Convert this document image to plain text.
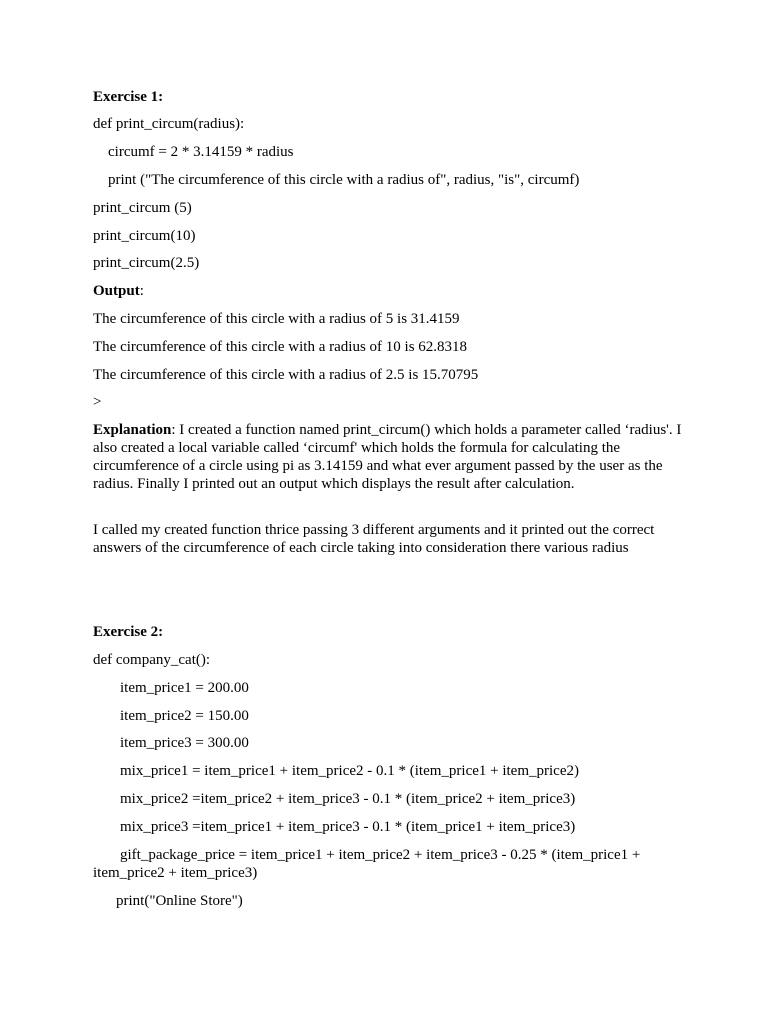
Exercise 1:
def print_circum(radius):
circumf = 2 * 3.14159 * radius
print ("The circumference of this circle with a radius of", radius, "is", circumf)
print_circum (5)
print_circum(10)
print_circum(2.5)
Output:
The circumference of this circle with a radius of 5 is 31.4159
The circumference of this circle with a radius of 10 is 62.8318
The circumference of this circle with a radius of 2.5 is 15.70795
>
Explanation: I created a function named print_circum() which holds a parameter called ‘radius'. I also created a local variable called ‘circumf' which holds the formula for calculating the circumference of a circle using pi as 3.14159 and what ever argument passed by the user as the radius. Finally I printed out an output which displays the result after calculation.
I called my created function thrice passing 3 different arguments and it printed out the correct answers of the circumference of each circle taking into consideration there various radius
Exercise 2:
def company_cat():
item_price1 = 200.00
item_price2 = 150.00
item_price3 = 300.00
mix_price1 = item_price1 + item_price2 - 0.1 * (item_price1 + item_price2)
mix_price2 =item_price2 + item_price3 - 0.1 * (item_price2 + item_price3)
mix_price3 =item_price1 + item_price3 - 0.1 * (item_price1 + item_price3)
gift_package_price = item_price1 + item_price2 + item_price3 - 0.25 * (item_price1 +
item_price2 + item_price3)
print("Online Store")
